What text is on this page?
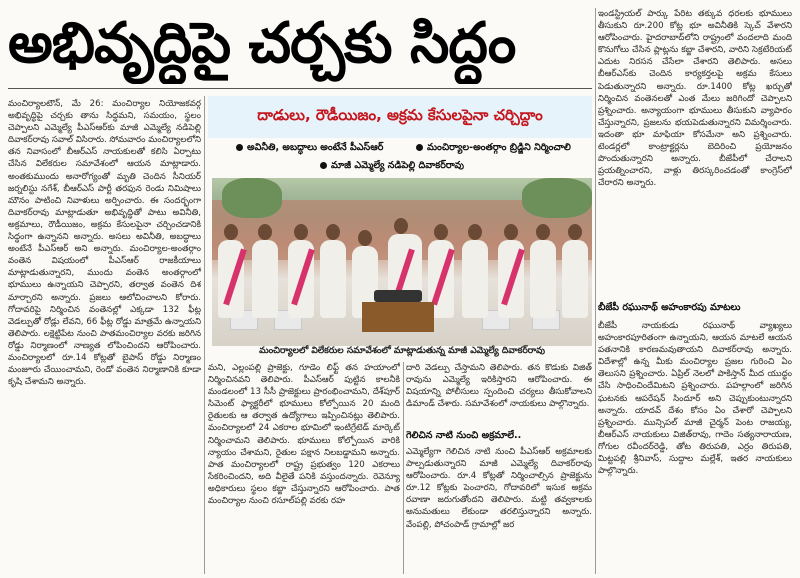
అభివృద్ధిపై చర్చకు సిద్ధం

మంచిర్యాలటౌన్, మే 26: మంచిర్యాల నియోజకవర్గ అభివృద్ధిపై చర్చకు తాను సిద్ధమని, సమయం, స్థలం చెప్పాలని ఎమ్మెల్యే పీఎస్‌ఆర్‌కు మాజీ ఎమ్మెల్యే నడిపెల్లి దివాకర్‌రావు సవాల్ విసిరారు. సోమవారం మంచిర్యాలలోని తన నివాసంలో బీఆర్‌ఎస్ నాయకులతో కలిసి ఏర్పాటు చేసిన విలేకరుల సమావేశంలో ఆయన మాట్లాడారు. అంతకుముందు అనారోగ్యంతో మృతి చెందిన సీనియర్ జర్నలిస్టు నగేశ్, బీఆర్‌ఎస్ పార్టీ తరఫున రెండు నిమిషాలు మౌనం పాటించి నివాళులు అర్పించారు. ఈ సందర్భంగా దివాకర్‌రావు మాట్లాడుతూ అభివృద్ధితో పాటు అవినీతి, అక్రమాలు, రౌడీయిజం, అక్రమ కేసులపైనా చర్చించడానికి సిద్ధంగా ఉన్నానని అన్నారు. అసలు అవినీతి, అబద్ధాలు అంటేనే పీఎస్‌ఆర్ అని అన్నారు. మంచిర్యాల-అంతర్గాం వంతెన విషయంలో పీఎస్‌ఆర్ రాజకీయాలు మాట్లాడుతున్నారని, ముందు వంతెన అంతర్గాంలో భూములు ఉన్నాయని చెప్పారని, తర్వాత వంతెన దిశ మార్చారని అన్నారు. ప్రజలు ఆలోచించాలని కోరారు. గోదావరిపై నిర్మించిన వంతెనల్లో ఎక్కడా 132 ఫీట్ల వెడల్పుతో రోడ్లు లేవని, 66 ఫీట్ల రోడ్డు మాత్రమే ఉన్నాయని తెలిపారు. లక్షెట్టిపేట నుంచి పాతమంచిర్యాల వరకు జరిగిన రోడ్డు నిర్మాణంలో నాణ్యత లోపించిందని ఆరోపించారు. మంచిర్యాలలో రూ.14 కోట్లతో బైపాస్ రోడ్డు నిర్మాణం మంజూరు చేయించామని, రెండో వంతెన నిర్మాణానికి కూడా కృషి చేశామని అన్నారు.

దాడులు, రౌడీయిజం, అక్రమ కేసులపైనా చర్చిద్దాం
అవినీతి, అబద్ధాలు అంటేనే పీఎస్ఆర్	మంచిర్యాల-అంతర్గాం బ్రిడ్జిని నిర్మించాలి
మాజీ ఎమ్మెల్యే నడిపెల్లి దివాకర్‌రావు
మంచిర్యాలలో విలేకరుల సమావేశంలో మాట్లాడుతున్న మాజీ ఎమ్మెల్యే దివాకర్‌రావు

మని, ఎల్లంపల్లి ప్రాజెక్టు, గూడెం లిఫ్ట్ తన హయాంలో నిర్మించినవని తెలిపారు. పీఎస్‌ఆర్ పుట్టిన కాలనీకి మండలంలో 13 సీసీ ప్రాజెక్టులు ప్రారంభించామని, దేశ్‌పూర్ సిమెంట్ ఫ్యాక్టరీలో భూములు కోల్పోయిన 20 మంది రైతులకు ఆ తర్వాత ఉద్యోగాలు ఇప్పించినట్లు తెలిపారు. మంచిర్యాలలో 24 ఎకరాల భూమిలో ఇంటిగ్రేటెడ్ మార్కెట్ నిర్మించామని తెలిపారు. భూములు కోల్పోయిన వారికి న్యాయం చేశామని, రైతుల పక్షాన నిలబడ్డామని అన్నారు. పాత మంచిర్యాలలో రాష్ట్ర ప్రభుత్వం 120 ఎకరాలు సేకరించిందని, అది వీలైతే పనికి వస్తుందన్నారు. రెవెన్యూ అధికారులు స్థలం కబ్జా చేస్తున్నారని ఆరోపించారు. పాత మంచిర్యాల నుంచి రసూల్‌పల్లి వరకు రహ

దారి వెడల్పు చేస్తామని తెలిపారు. తన కొడుకు విజిత్ రావును ఎమ్మెల్యే ఇరికిస్తారని ఆరోపించారు. ఈ విషయాన్ని పోలీసులు స్పందించి చర్యలు తీసుకోవాలని డిమాండ్ చేశారు. సమావేశంలో నాయకులు పాల్గొన్నారు.

గెలిచిన నాటి నుంచి అక్రమాలే..

ఎమ్మెల్యేగా గెలిచిన నాటి నుంచి పీఎస్‌ఆర్ అక్రమాలకు పాల్పడుతున్నారని మాజీ ఎమ్మెల్యే దివాకర్‌రావు ఆరోపించారు. రూ.4 కోట్లతో నిర్మించాల్సిన ప్రాజెక్టును రూ.12 కోట్లకు పెంచారని, గోదావరిలో ఇసుక అక్రమ రవాణా జరుగుతోందని తెలిపారు. మట్టి తవ్వకాలకు అనుమతులు లేకుండా తరలిస్తున్నారని అన్నారు. వేంపల్లి, పోచంపాడ్ గ్రామాల్లో జర

ఇండస్ట్రియల్ పార్కు పేరిట తక్కువ ధరలకు భూములు తీసుకుని రూ.200 కోట్ల భూ అవినీతికి స్కెచ్ వేశారని ఆరోపించారు. హైదరాబాద్‌లోని రాష్ట్రంలో వందలాది మంది కొనుగోలు చేసిన ప్లాట్లను కబ్జా చేశారని, వారిని సెక్రటేరియట్ ఎదుట నిరసన చేసేలా చేశారని తెలిపారు. అసలు బీఆర్‌ఎస్‌కు చెందిన కార్యకర్తలపై అక్రమ కేసులు పెడుతున్నారని అన్నారు. రూ.1400 కోట్ల ఖర్చుతో నిర్మించిన వంతెనలతో ఎంత మేలు జరిగిందో చెప్పాలని ప్రశ్నించారు. అన్యాయంగా భూములు తీసుకుని వ్యాపారం చేస్తున్నారని, ప్రజలను భయపెడుతున్నారని విమర్శించారు. ఇదంతా భూ మాఫియా కోసమేనా అని ప్రశ్నించారు. టెండర్లలో కాంట్రాక్టర్లను బెదిరించి ప్రయోజనం పొందుతున్నారని అన్నారు. బీజేపీలో చేరాలని ప్రయత్నించారని, వాళ్లు తిరస్కరించడంతో కాంగ్రెస్‌లో చేరారని అన్నారు.

బీజేపీ రఘునాథ్ అహంకారపు మాటలు

బీజేపీ నాయకుడు రఘునాథ్ వ్యాఖ్యలు అహంకారపూరితంగా ఉన్నాయని, ఆయన మాటలే ఆయన పతనానికి కారణమవుతాయని దివాకర్‌రావు అన్నారు. విదేశాల్లో ఉన్న మీకు మంచిర్యాల ప్రజల గురించి ఏం తెలుసని ప్రశ్నించారు. ఏప్రిల్ నెలలో పాకిస్తాన్ మీద యుద్ధం చేసి సాధించిందేమిటని ప్రశ్నించారు. పహల్గాంలో జరిగిన ఘటనకు ఆపరేషన్ సిందూర్ అని చెప్పుకుంటున్నారని అన్నారు. యాదవ్ దేశం కోసం ఏం చేశారో చెప్పాలని ప్రశ్నించారు. మున్సిపల్ మాజీ చైర్మన్ పెంట రాజయ్య, బీఆర్‌ఎస్ నాయకులు విజిత్‌రావు, గాదెం సత్యనారాయణ, గోగుల రవీందర్‌రెడ్డి, తోట తిరుపతి, ఎర్రం తిరుపతి, మిట్టపల్లి శ్రీనివాస్, సుద్దాల మల్లేశ్, ఇతర నాయకులు పాల్గొన్నారు.
